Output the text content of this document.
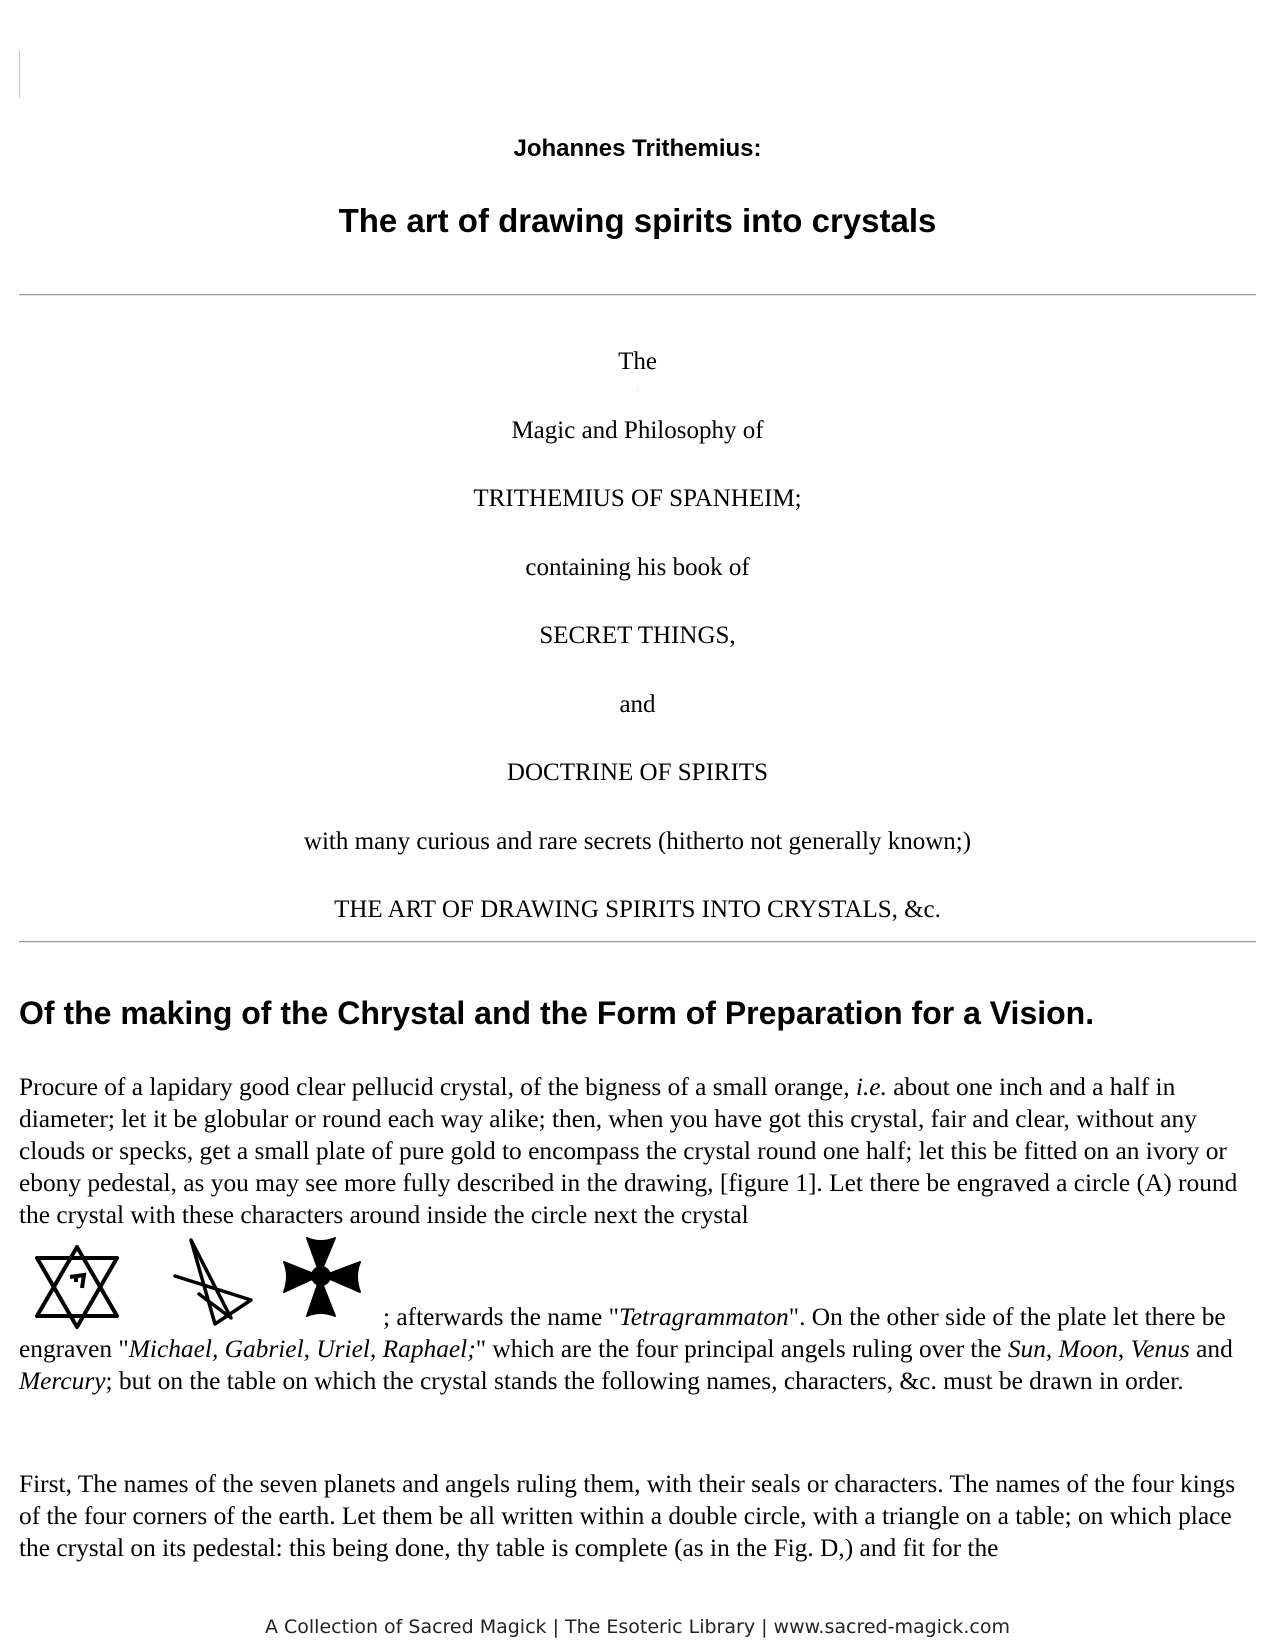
Johannes Trithemius:
The art of drawing spirits into crystals
The
Magic and Philosophy of
TRITHEMIUS OF SPANHEIM;
containing his book of
SECRET THINGS,
and
DOCTRINE OF SPIRITS
with many curious and rare secrets (hitherto not generally known;)
THE ART OF DRAWING SPIRITS INTO CRYSTALS, &c.
Of the making of the Chrystal and the Form of Preparation for a Vision.

Procure of a lapidary good clear pellucid crystal, of the bigness of a small orange, i.e. about one inch and a half in diameter; let it be globular or round each way alike; then, when you have got this crystal, fair and clear, without any clouds or specks, get a small plate of pure gold to encompass the crystal round one half; let this be fitted on an ivory or ebony pedestal, as you may see more fully described in the drawing, [figure 1]. Let there be engraved a circle (A) round the crystal with these characters around inside the circle next the crystal

; afterwards the name "Tetragrammaton". On the other side of the plate let there be engraven "Michael, Gabriel, Uriel, Raphael;" which are the four principal angels ruling over the Sun, Moon, Venus and Mercury; but on the table on which the crystal stands the following names, characters, &c. must be drawn in order.

First, The names of the seven planets and angels ruling them, with their seals or characters. The names of the four kings of the four corners of the earth. Let them be all written within a double circle, with a triangle on a table; on which place the crystal on its pedestal: this being done, thy table is complete (as in the Fig. D,) and fit for the

A Collection of Sacred Magick | The Esoteric Library | www.sacred-magick.com
